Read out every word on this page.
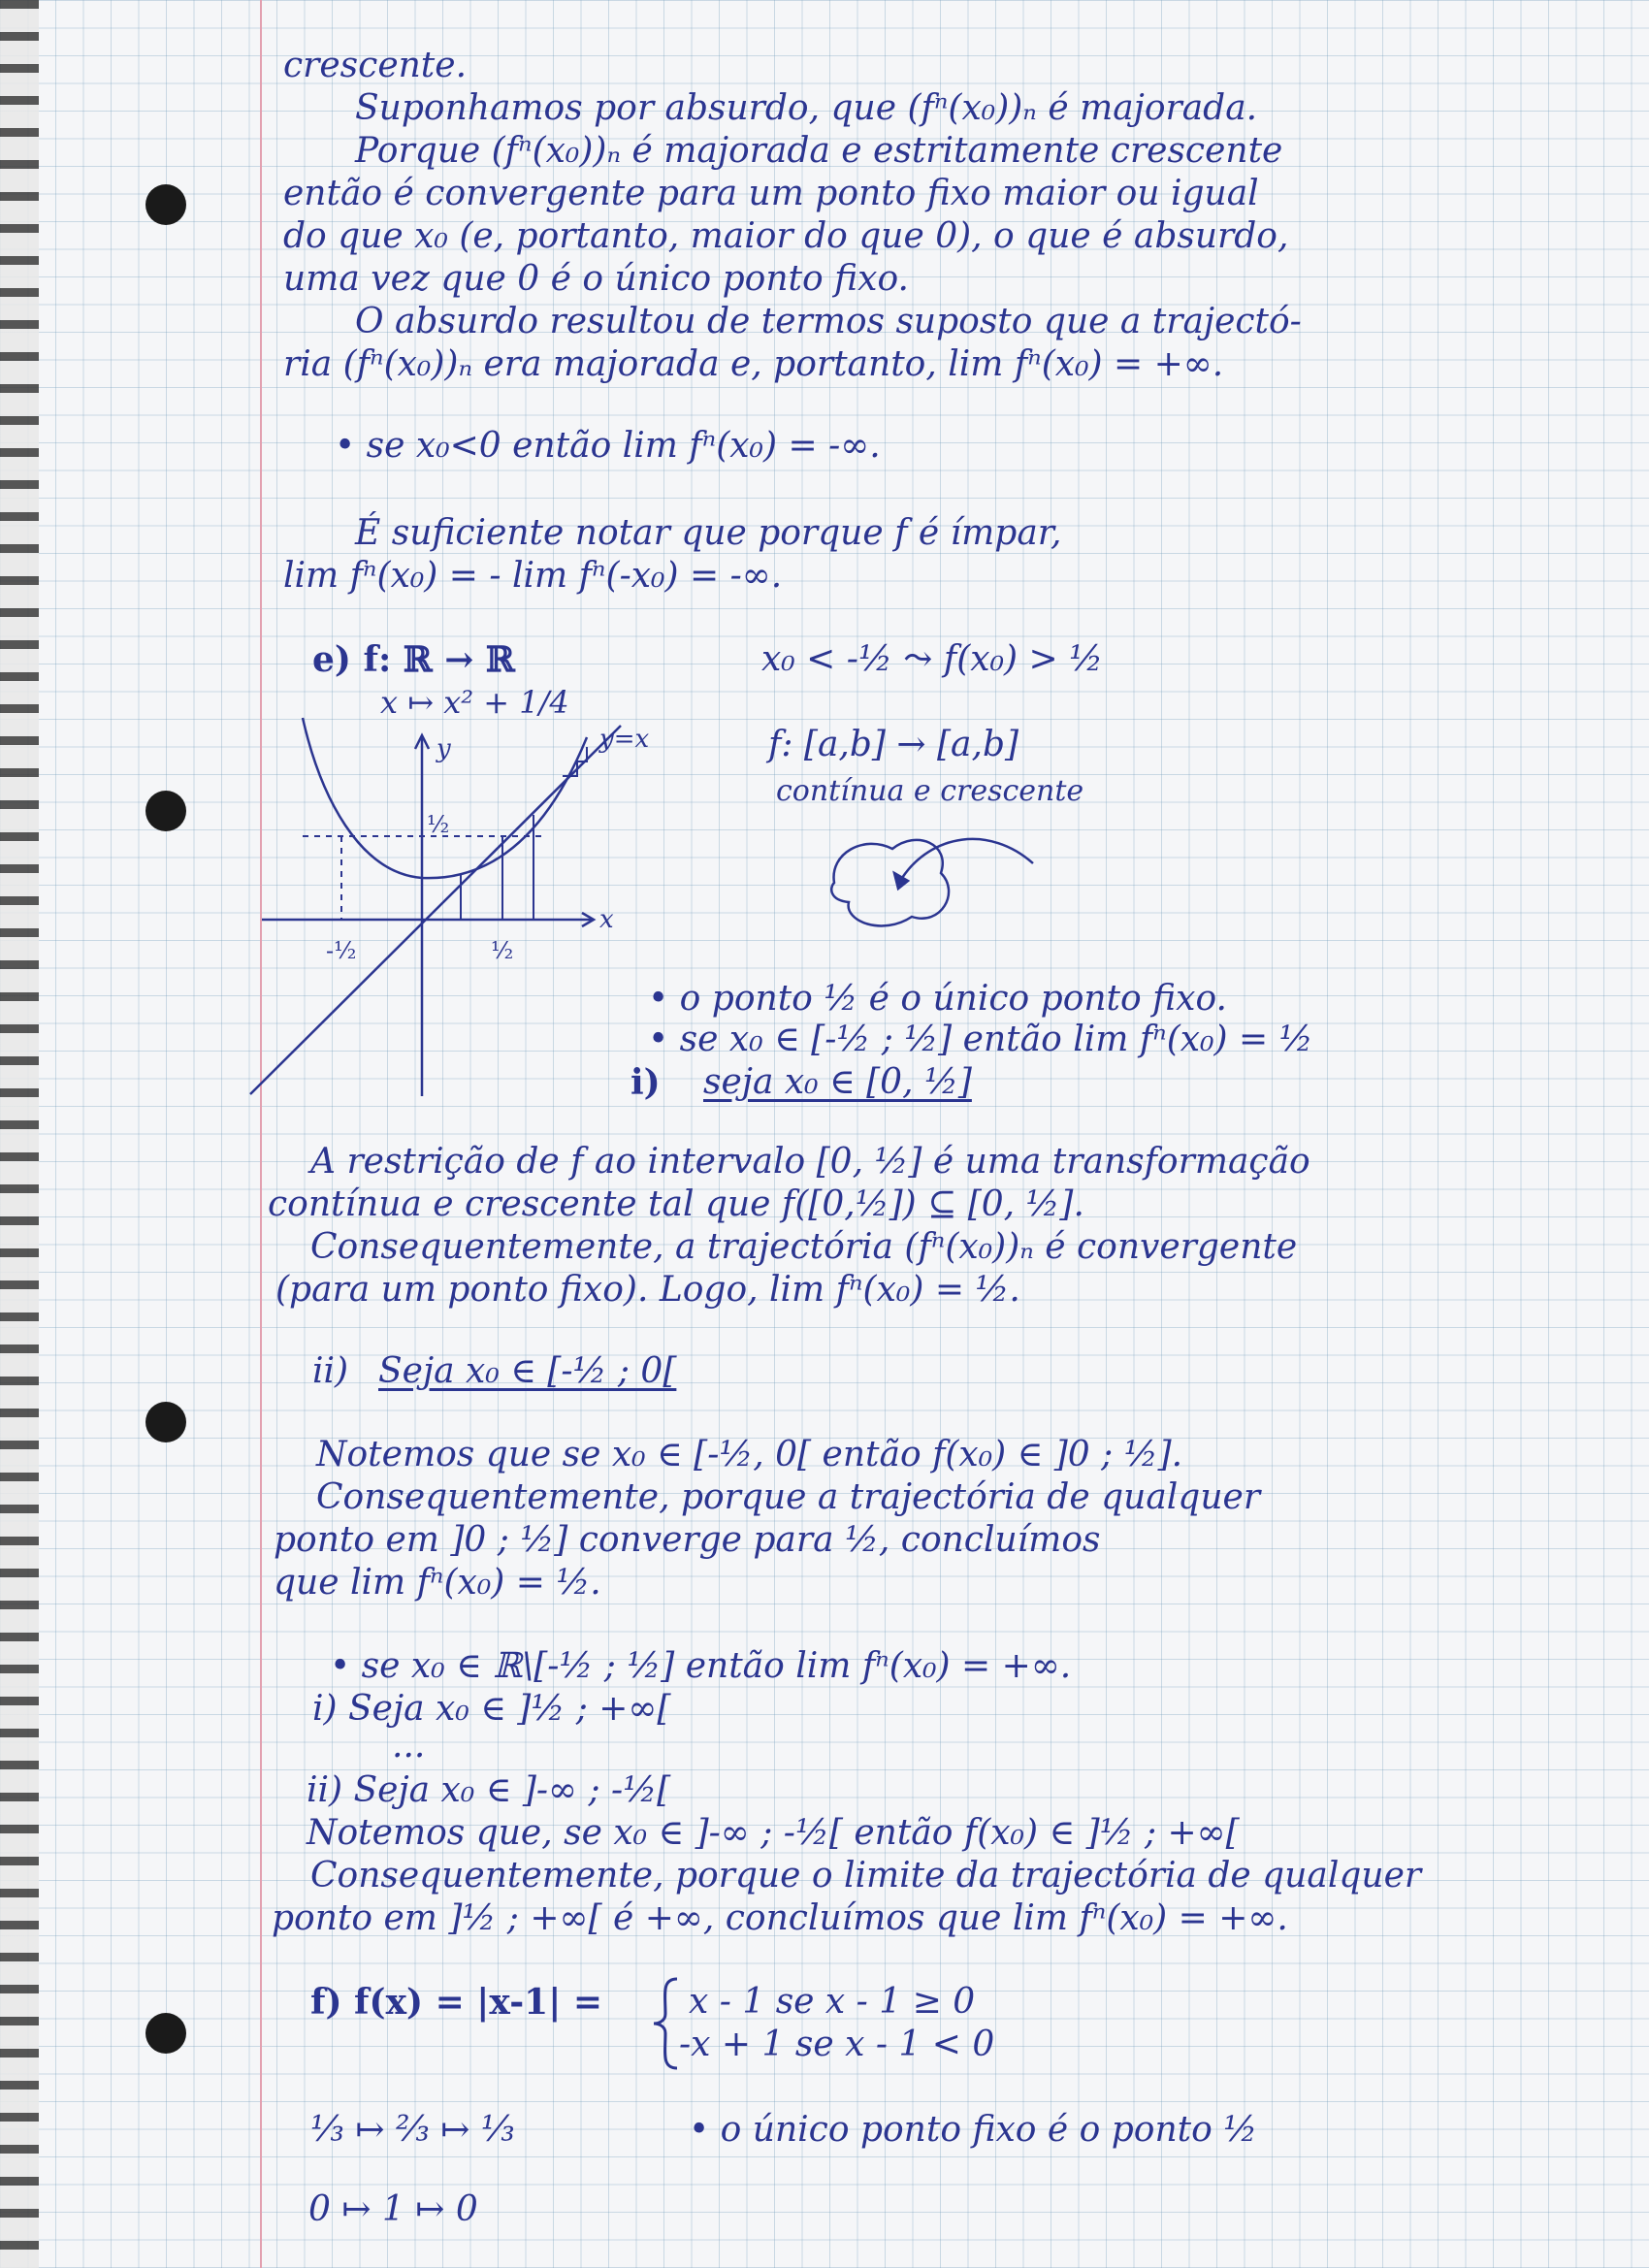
crescente.
Suponhamos por absurdo, que (fⁿ(x₀))ₙ é majorada.
Porque (fⁿ(x₀))ₙ é majorada e estritamente crescente
então é convergente para um ponto fixo maior ou igual
do que x₀ (e, portanto, maior do que 0), o que é absurdo,
uma vez que 0 é o único ponto fixo.
O absurdo resultou de termos suposto que a trajectó-
ria (fⁿ(x₀))ₙ era majorada e, portanto, lim fⁿ(x₀) = +∞.
• se x₀<0 então lim fⁿ(x₀) = -∞.
É suficiente notar que porque f é ímpar,
lim fⁿ(x₀) = - lim fⁿ(-x₀) = -∞.
e) f: ℝ → ℝ
x ↦ x² + 1/4
x₀ < -½ ⤳ f(x₀) > ½
f: [a,b] → [a,b]
contínua e crescente
y
x
y=x
½
-½	½
• o ponto ½ é o único ponto fixo.
• se x₀ ∈ [-½ ; ½] então lim fⁿ(x₀) = ½
i) seja x₀ ∈ [0, ½]
A restrição de f ao intervalo [0, ½] é uma transformação
contínua e crescente tal que f([0,½]) ⊆ [0, ½].
Consequentemente, a trajectória (fⁿ(x₀))ₙ é convergente
(para um ponto fixo). Logo, lim fⁿ(x₀) = ½.
ii) Seja x₀ ∈ [-½ ; 0[
Notemos que se x₀ ∈ [-½, 0[ então f(x₀) ∈ ]0 ; ½].
Consequentemente, porque a trajectória de qualquer
ponto em ]0 ; ½] converge para ½, concluímos
que lim fⁿ(x₀) = ½.
• se x₀ ∈ ℝ\[-½ ; ½] então lim fⁿ(x₀) = +∞.
i) Seja x₀ ∈ ]½ ; +∞[
...
ii) Seja x₀ ∈ ]-∞ ; -½[
Notemos que, se x₀ ∈ ]-∞ ; -½[ então f(x₀) ∈ ]½ ; +∞[
Consequentemente, porque o limite da trajectória de qualquer
ponto em ]½ ; +∞[ é +∞, concluímos que lim fⁿ(x₀) = +∞.
f) f(x) = |x-1| = x - 1 se x - 1 ≥ 0
-x + 1 se x - 1 < 0
⅓ ↦ ⅔ ↦ ⅓	• o único ponto fixo é o ponto ½
0 ↦ 1 ↦ 0
